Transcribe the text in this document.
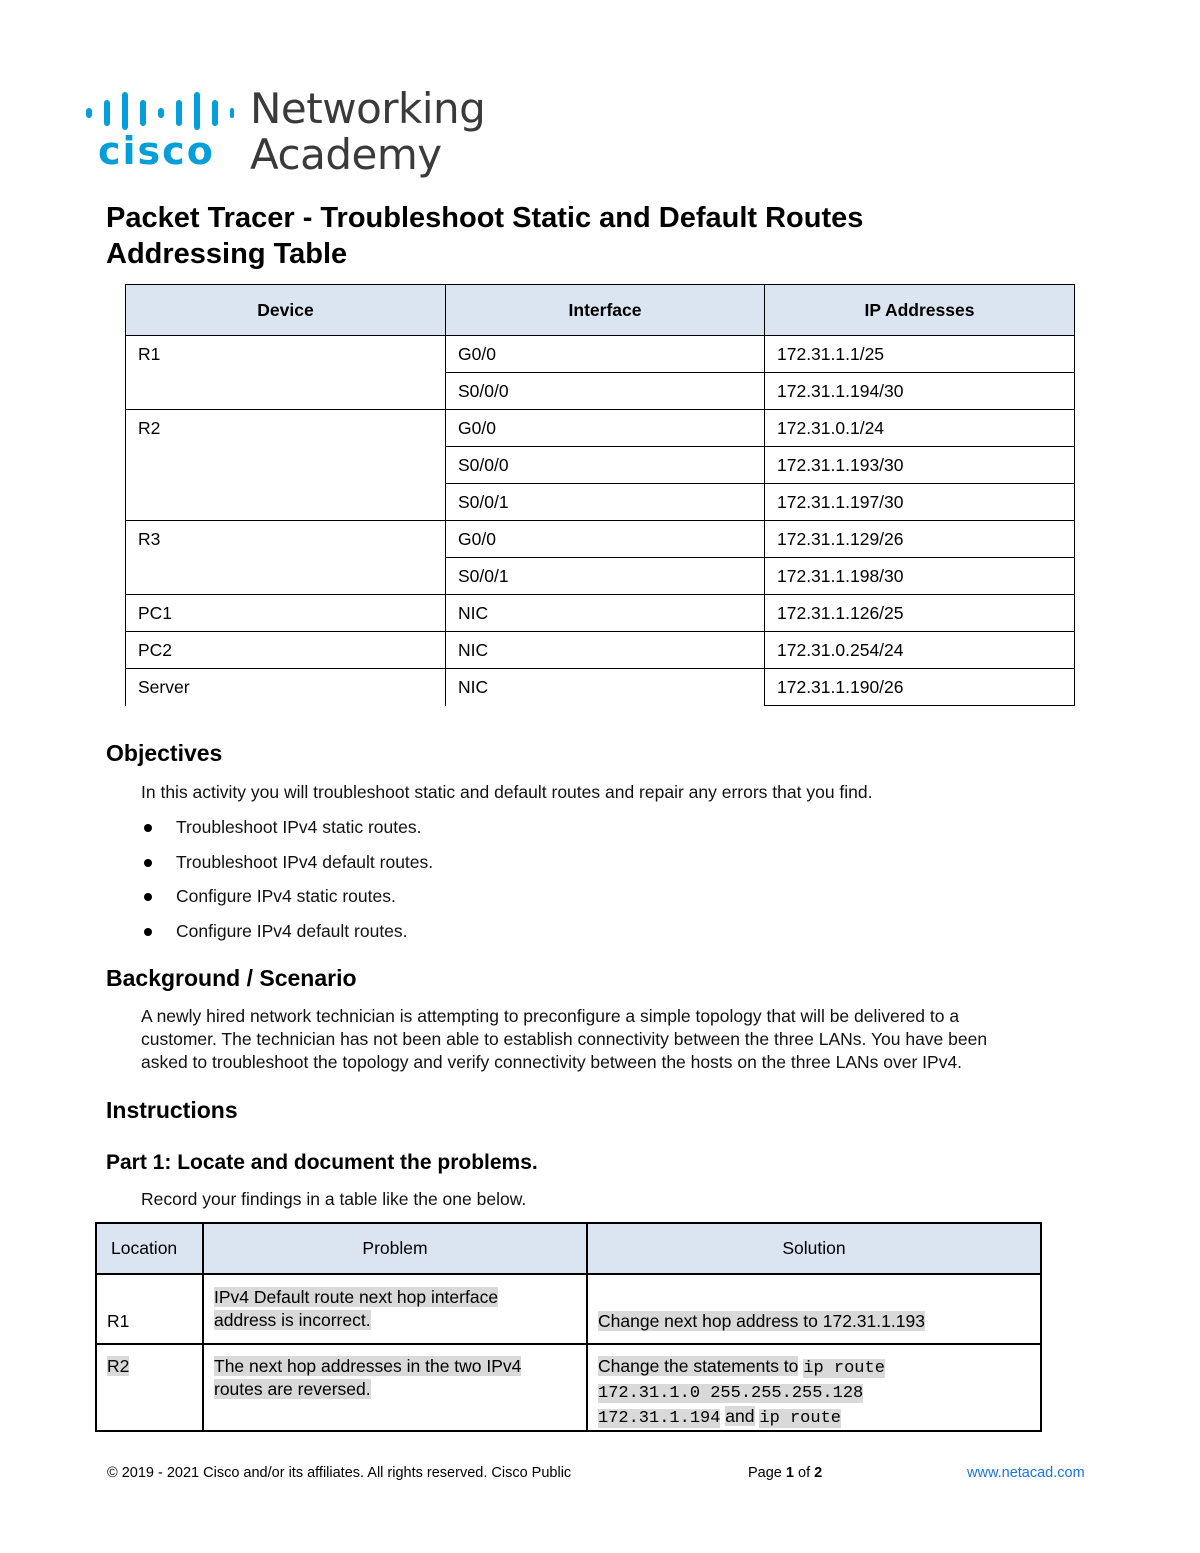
cisco
Networking
Academy
Packet Tracer - Troubleshoot Static and Default Routes
Addressing Table
Device	Interface	IP Addresses
R1	G0/0	172.31.1.1/25
	S0/0/0	172.31.1.194/30
R2	G0/0	172.31.0.1/24
	S0/0/0	172.31.1.193/30
	S0/0/1	172.31.1.197/30
R3	G0/0	172.31.1.129/26
	S0/0/1	172.31.1.198/30
PC1	NIC	172.31.1.126/25
PC2	NIC	172.31.0.254/24
Server	NIC	172.31.1.190/26
Objectives
In this activity you will troubleshoot static and default routes and repair any errors that you find.
Troubleshoot IPv4 static routes.
Troubleshoot IPv4 default routes.
Configure IPv4 static routes.
Configure IPv4 default routes.
Background / Scenario
A newly hired network technician is attempting to preconfigure a simple topology that will be delivered to a
customer. The technician has not been able to establish connectivity between the three LANs. You have been
asked to troubleshoot the topology and verify connectivity between the hosts on the three LANs over IPv4.
Instructions
Part 1: Locate and document the problems.
Record your findings in a table like the one below.
Location	Problem	Solution
R1	IPv4 Default route next hop interface
address is incorrect.	Change next hop address to 172.31.1.193
R2	The next hop addresses in the two IPv4
routes are reversed.	Change the statements to ip route
172.31.1.0 255.255.255.128
172.31.1.194 and ip route
© 2019 - 2021 Cisco and/or its affiliates. All rights reserved. Cisco Public	Page 1 of 2	www.netacad.com
